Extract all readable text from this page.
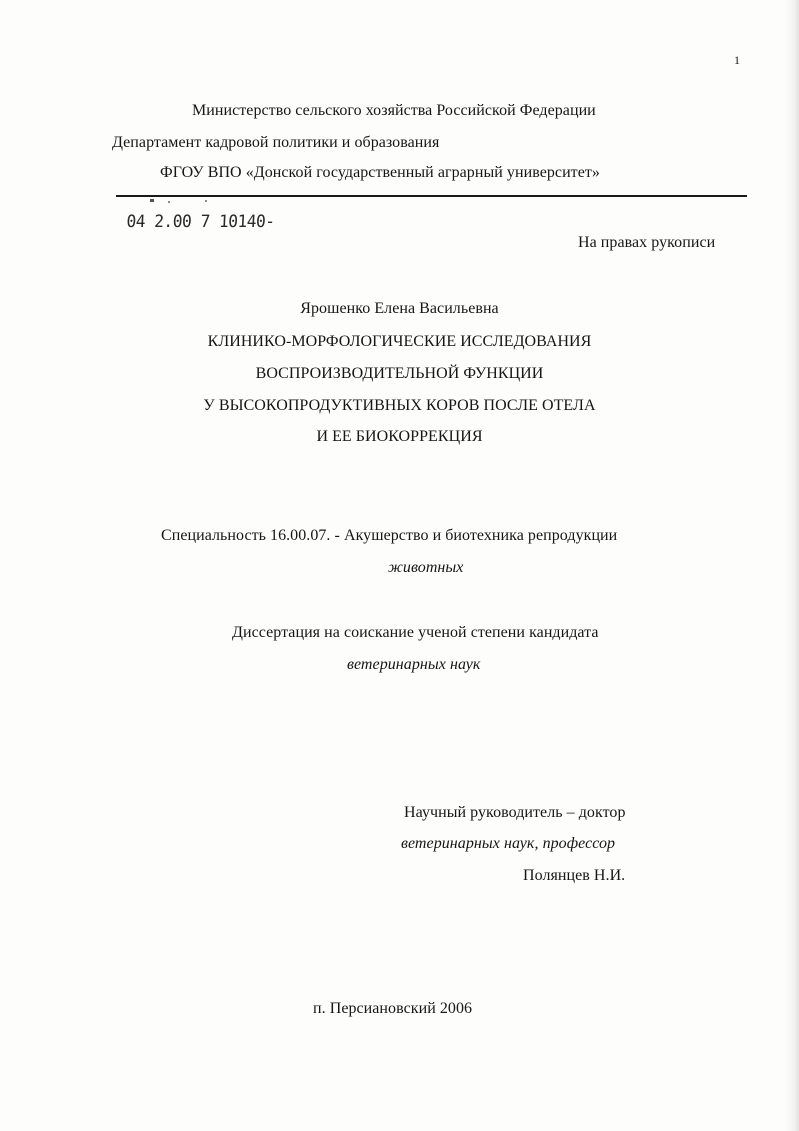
1
Министерство сельского хозяйства Российской Федерации
Департамент кадровой политики и образования
ФГОУ ВПО «Донской государственный аграрный университет»
04 2.00 7 10140-
На правах рукописи
Ярошенко Елена Васильевна
КЛИНИКО-МОРФОЛОГИЧЕСКИЕ ИССЛЕДОВАНИЯ
ВОСПРОИЗВОДИТЕЛЬНОЙ ФУНКЦИИ
У ВЫСОКОПРОДУКТИВНЫХ КОРОВ ПОСЛЕ ОТЕЛА
И ЕЕ БИОКОРРЕКЦИЯ
Специальность 16.00.07. - Акушерство и биотехника репродукции
животных
Диссертация на соискание ученой степени кандидата
ветеринарных наук
Научный руководитель – доктор
ветеринарных наук, профессор
Полянцев Н.И.
п. Персиановский 2006
